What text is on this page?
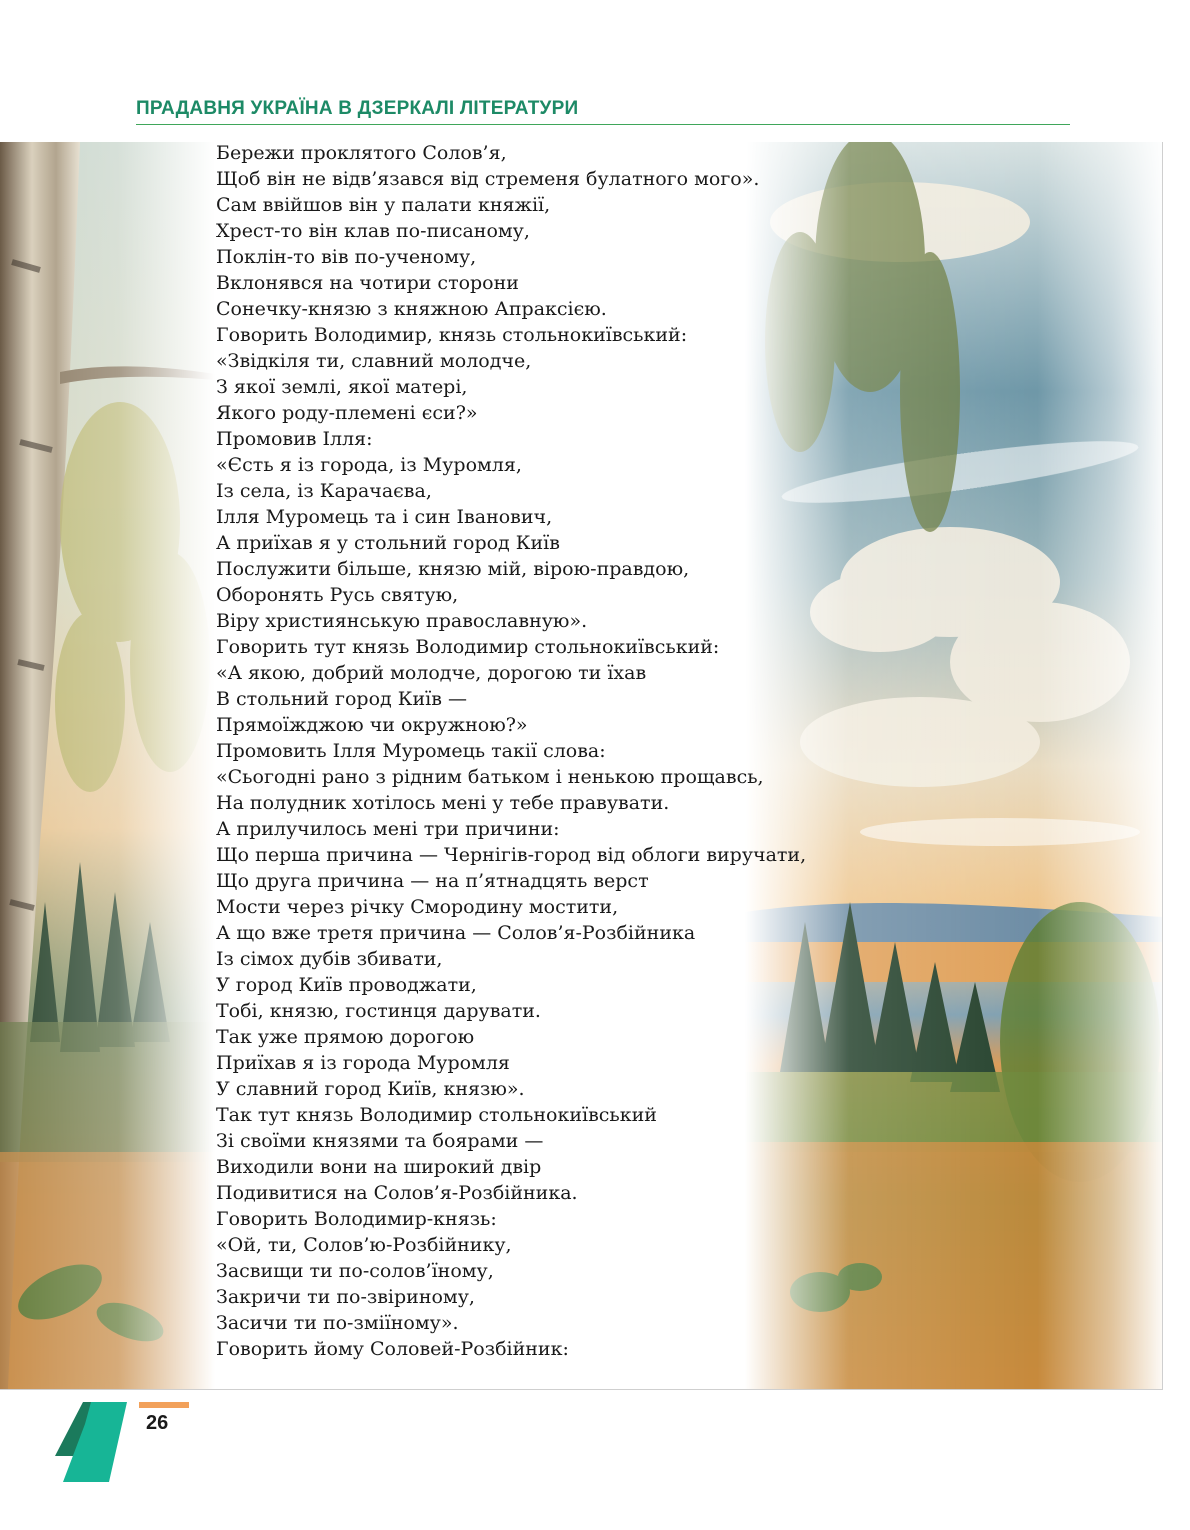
ПРАДАВНЯ УКРАЇНА В ДЗЕРКАЛІ ЛІТЕРАТУРИ
Бережи проклятого Солов’я,
Щоб він не відв’язався від стременя булатного мого».
Сам ввійшов він у палати княжії,
Хрест-то він клав по-писаному,
Поклін-то вів по-ученому,
Вклонявся на чотири сторони
Сонечку-князю з княжною Апраксією.
Говорить Володимир, князь стольнокиївський:
«Звідкіля ти, славний молодче,
З якої землі, якої матері,
Якого роду-племені єси?»
Промовив Ілля:
«Єсть я із города, із Муромля,
Із села, із Карачаєва,
Ілля Муромець та і син Іванович,
А приїхав я у стольний город Київ
Послужити більше, князю мій, вірою-правдою,
Оборонять Русь святую,
Віру християнськую православную».
Говорить тут князь Володимир стольнокиївський:
«А якою, добрий молодче, дорогою ти їхав
В стольний город Київ —
Прямоїжджою чи окружною?»
Промовить Ілля Муромець такії слова:
«Сьогодні рано з рідним батьком і ненькою прощавсь,
На полудник хотілось мені у тебе правувати.
А прилучилось мені три причини:
Що перша причина — Чернігів-город від облоги виручати,
Що друга причина — на п’ятнадцять верст
Мости через річку Смородину мостити,
А що вже третя причина — Солов’я-Розбійника
Із сімох дубів збивати,
У город Київ проводжати,
Тобі, князю, гостинця дарувати.
Так уже прямою дорогою
Приїхав я із города Муромля
У славний город Київ, князю».
Так тут князь Володимир стольнокиївський
Зі своїми князями та боярами —
Виходили вони на широкий двір
Подивитися на Солов’я-Розбійника.
Говорить Володимир-князь:
«Ой, ти, Солов’ю-Розбійнику,
Засвищи ти по-солов’їному,
Закричи ти по-звіриному,
Засичи ти по-зміїному».
Говорить йому Соловей-Розбійник:
26
